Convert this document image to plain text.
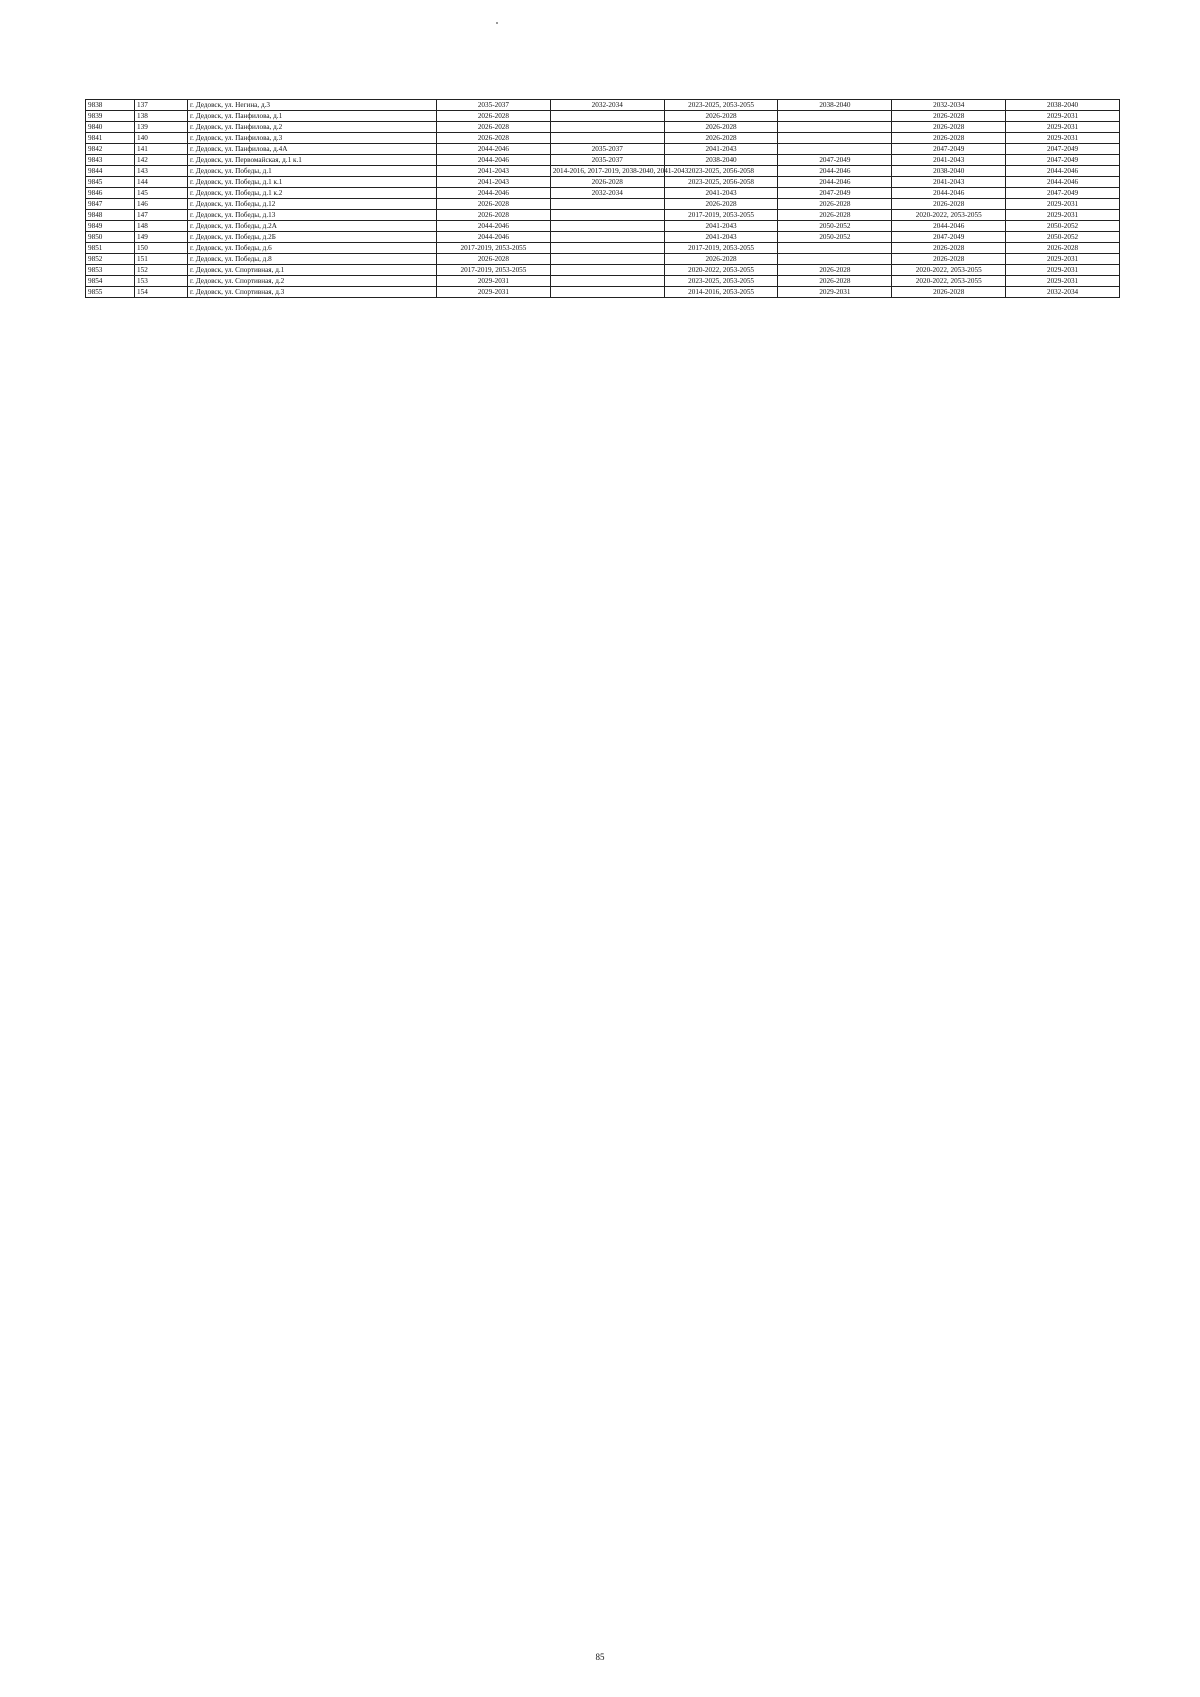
9838	137	г. Дедовск, ул. Негина, д.3	2035-2037	2032-2034	2023-2025, 2053-2055	2038-2040	2032-2034	2038-2040
9839	138	г. Дедовск, ул. Панфилова, д.1	2026-2028		2026-2028		2026-2028	2029-2031
9840	139	г. Дедовск, ул. Панфилова, д.2	2026-2028		2026-2028		2026-2028	2029-2031
9841	140	г. Дедовск, ул. Панфилова, д.3	2026-2028		2026-2028		2026-2028	2029-2031
9842	141	г. Дедовск, ул. Панфилова, д.4А	2044-2046	2035-2037	2041-2043		2047-2049	2047-2049
9843	142	г. Дедовск, ул. Первомайская, д.1 к.1	2044-2046	2035-2037	2038-2040	2047-2049	2041-2043	2047-2049
9844	143	г. Дедовск, ул. Победы, д.1	2041-2043	2014-2016, 2017-2019, 2038-2040, 2041-2043	2023-2025, 2056-2058	2044-2046	2038-2040	2044-2046
9845	144	г. Дедовск, ул. Победы, д.1 к.1	2041-2043	2026-2028	2023-2025, 2056-2058	2044-2046	2041-2043	2044-2046
9846	145	г. Дедовск, ул. Победы, д.1 к.2	2044-2046	2032-2034	2041-2043	2047-2049	2044-2046	2047-2049
9847	146	г. Дедовск, ул. Победы, д.12	2026-2028		2026-2028	2026-2028	2026-2028	2029-2031
9848	147	г. Дедовск, ул. Победы, д.13	2026-2028		2017-2019, 2053-2055	2026-2028	2020-2022, 2053-2055	2029-2031
9849	148	г. Дедовск, ул. Победы, д.2А	2044-2046		2041-2043	2050-2052	2044-2046	2050-2052
9850	149	г. Дедовск, ул. Победы, д.2Б	2044-2046		2041-2043	2050-2052	2047-2049	2050-2052
9851	150	г. Дедовск, ул. Победы, д.6	2017-2019, 2053-2055		2017-2019, 2053-2055		2026-2028	2026-2028
9852	151	г. Дедовск, ул. Победы, д.8	2026-2028		2026-2028		2026-2028	2029-2031
9853	152	г. Дедовск, ул. Спортивная, д.1	2017-2019, 2053-2055		2020-2022, 2053-2055	2026-2028	2020-2022, 2053-2055	2029-2031
9854	153	г. Дедовск, ул. Спортивная, д.2	2029-2031		2023-2025, 2053-2055	2026-2028	2020-2022, 2053-2055	2029-2031
9855	154	г. Дедовск, ул. Спортивная, д.3	2029-2031		2014-2016, 2053-2055	2029-2031	2026-2028	2032-2034
85
